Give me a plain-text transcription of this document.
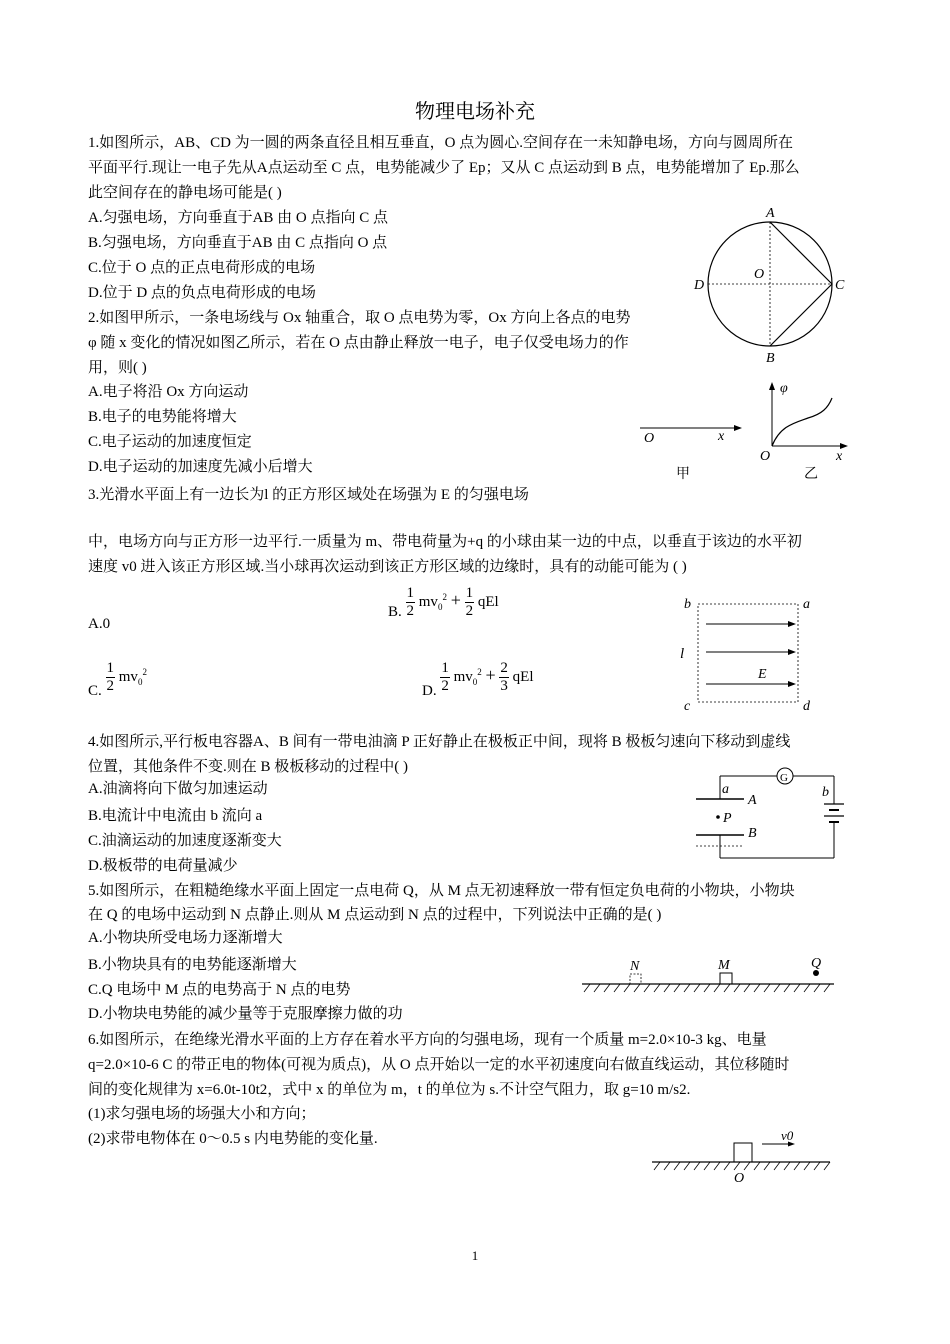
物理电场补充
1.如图所示，AB、CD 为一圆的两条直径且相互垂直，O 点为圆心.空间存在一未知静电场，方向与圆周所在
平面平行.现让一电子先从A点运动至 C 点，电势能减少了 Ep；又从 C 点运动到 B 点，电势能增加了 Ep.那么
此空间存在的静电场可能是( )
A.匀强电场，方向垂直于AB 由 O 点指向 C 点
B.匀强电场，方向垂直于AB 由 C 点指向 O 点
C.位于 O 点的正点电荷形成的电场
D.位于 D 点的负点电荷形成的电场
A
B
C
D
O
2.如图甲所示，一条电场线与 Ox 轴重合，取 O 点电势为零，Ox 方向上各点的电势
φ 随 x 变化的情况如图乙所示，若在 O 点由静止释放一电子，电子仅受电场力的作
用，则( )
A.电子将沿 Ox 方向运动
B.电子的电势能将增大
C.电子运动的加速度恒定
D.电子运动的加速度先减小后增大
O	x
甲
φ
O	x
乙
3.光滑水平面上有一边长为l 的正方形区域处在场强为 E 的匀强电场
中，电场方向与正方形一边平行.一质量为 m、带电荷量为+q 的小球由某一边的中点，以垂直于该边的水平初
速度 v0 进入该正方形区域.当小球再次运动到该正方形区域的边缘时，具有的动能可能为 ( )
A.0
B. $\frac{1}{2} mv_0^2 + \frac{1}{2}$ qEl
C. $\frac{1}{2} mv_0^2$
D. $\frac{1}{2} mv_0^2 + \frac{2}{3}$ qEl
b	a
c	d
l
E
4.如图所示,平行板电容器A、B 间有一带电油滴 P 正好静止在极板正中间，现将 B 极板匀速向下移动到虚线
位置，其他条件不变.则在 B 极板移动的过程中( )
A.油滴将向下做匀加速运动
B.电流计中电流由 b 流向 a
C.油滴运动的加速度逐渐变大
D.极板带的电荷量减少
G
a
A
P
B
b
5.如图所示，在粗糙绝缘水平面上固定一点电荷 Q，从 M 点无初速释放一带有恒定负电荷的小物块，小物块
在 Q 的电场中运动到 N 点静止.则从 M 点运动到 N 点的过程中，下列说法中正确的是( )
A.小物块所受电场力逐渐增大
B.小物块具有的电势能逐渐增大
C.Q 电场中 M 点的电势高于 N 点的电势
D.小物块电势能的减少量等于克服摩擦力做的功
N	M	Q
6.如图所示，在绝缘光滑水平面的上方存在着水平方向的匀强电场，现有一个质量 m=2.0×10-3 kg、电量
q=2.0×10-6 C 的带正电的物体(可视为质点)，从 O 点开始以一定的水平初速度向右做直线运动，其位移随时
间的变化规律为 x=6.0t-10t2，式中 x 的单位为 m，t 的单位为 s.不计空气阻力，取 g=10 m/s2.
(1)求匀强电场的场强大小和方向；
(2)求带电物体在 0～0.5 s 内电势能的变化量.	v0
O
1
